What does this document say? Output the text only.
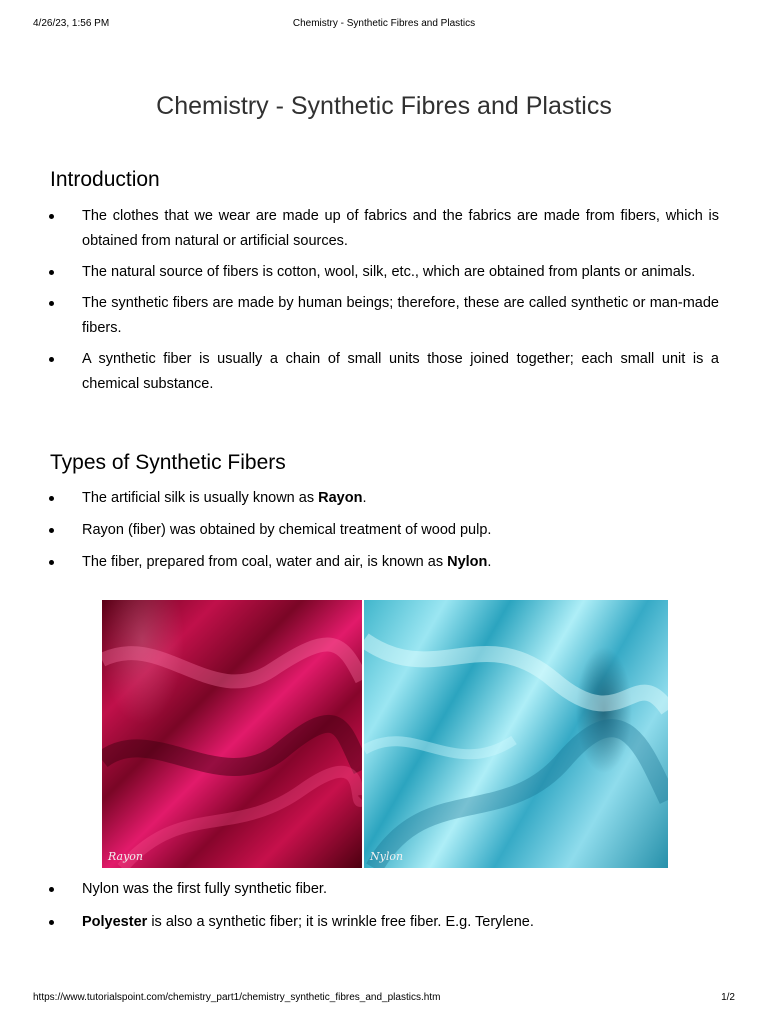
4/26/23, 1:56 PM	Chemistry - Synthetic Fibres and Plastics
Chemistry - Synthetic Fibres and Plastics
Introduction
The clothes that we wear are made up of fabrics and the fabrics are made from fibers, which is obtained from natural or artificial sources.
The natural source of fibers is cotton, wool, silk, etc., which are obtained from plants or animals.
The synthetic fibers are made by human beings; therefore, these are called synthetic or man-made fibers.
A synthetic fiber is usually a chain of small units those joined together; each small unit is a chemical substance.
Types of Synthetic Fibers
The artificial silk is usually known as Rayon.
Rayon (fiber) was obtained by chemical treatment of wood pulp.
The fiber, prepared from coal, water and air, is known as Nylon.
Rayon	Nylon
Nylon was the first fully synthetic fiber.
Polyester is also a synthetic fiber; it is wrinkle free fiber. E.g. Terylene.
https://www.tutorialspoint.com/chemistry_part1/chemistry_synthetic_fibres_and_plastics.htm	1/2
